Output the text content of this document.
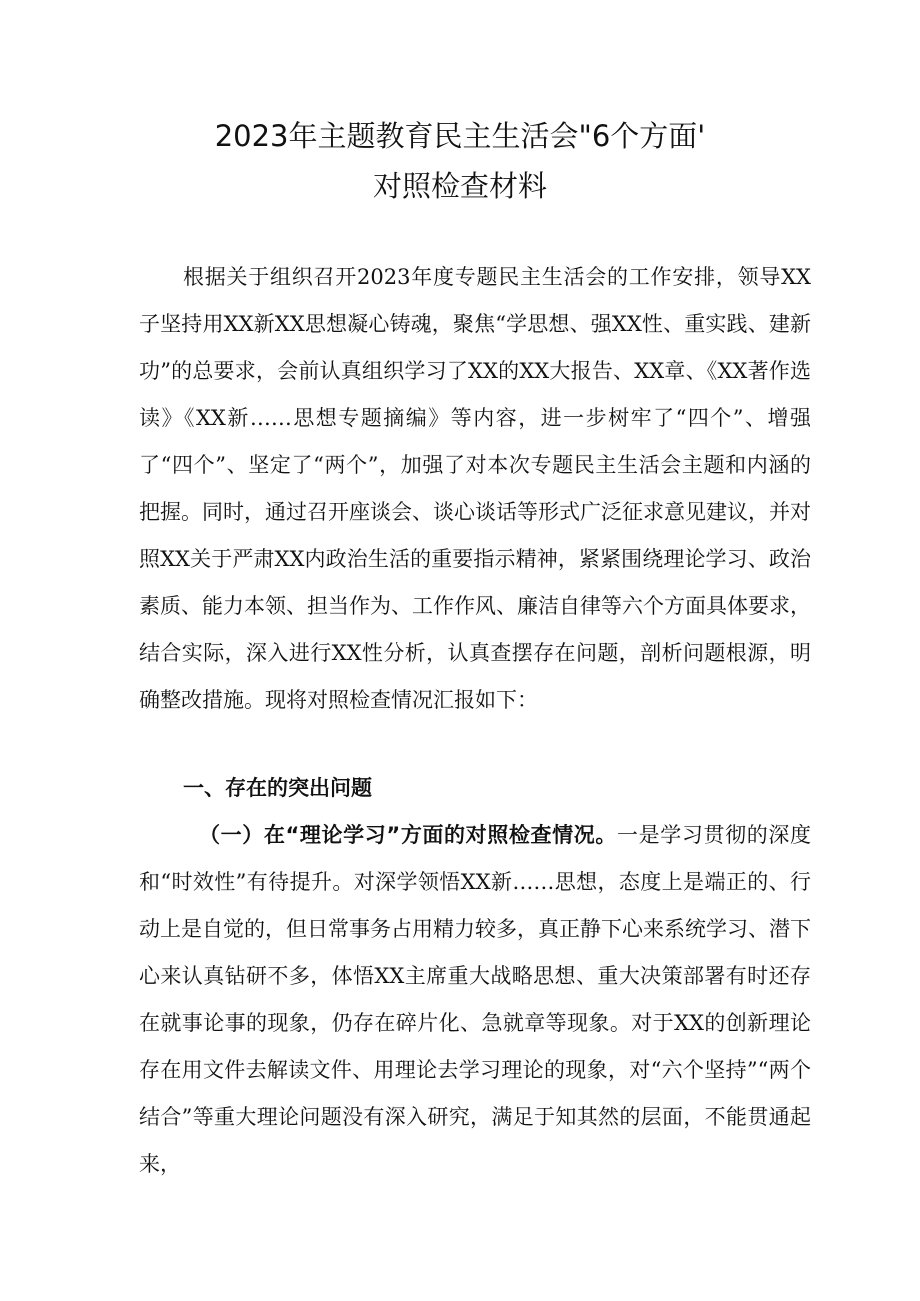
2023年主题教育民主生活会"6个方面'
对照检查材料

根据关于组织召开2023年度专题民主生活会的工作安排，领导XX子坚持用XX新XX思想凝心铸魂，聚焦“学思想、强XX性、重实践、建新功”的总要求，会前认真组织学习了XX的XX大报告、XX章、《XX著作选读》《XX新……思想专题摘编》等内容，进一步树牢了“四个”、增强了“四个”、坚定了“两个”，加强了对本次专题民主生活会主题和内涵的把握。同时，通过召开座谈会、谈心谈话等形式广泛征求意见建议，并对照XX关于严肃XX内政治生活的重要指示精神，紧紧围绕理论学习、政治素质、能力本领、担当作为、工作作风、廉洁自律等六个方面具体要求，结合实际，深入进行XX性分析，认真查摆存在问题，剖析问题根源，明确整改措施。现将对照检查情况汇报如下：

一、存在的突出问题

（一）在“理论学习”方面的对照检查情况。一是学习贯彻的深度和“时效性”有待提升。对深学领悟XX新……思想，态度上是端正的、行动上是自觉的，但日常事务占用精力较多，真正静下心来系统学习、潜下心来认真钻研不多，体悟XX主席重大战略思想、重大决策部署有时还存在就事论事的现象，仍存在碎片化、急就章等现象。对于XX的创新理论存在用文件去解读文件、用理论去学习理论的现象，对“六个坚持”“两个结合”等重大理论问题没有深入研究，满足于知其然的层面，不能贯通起来，
